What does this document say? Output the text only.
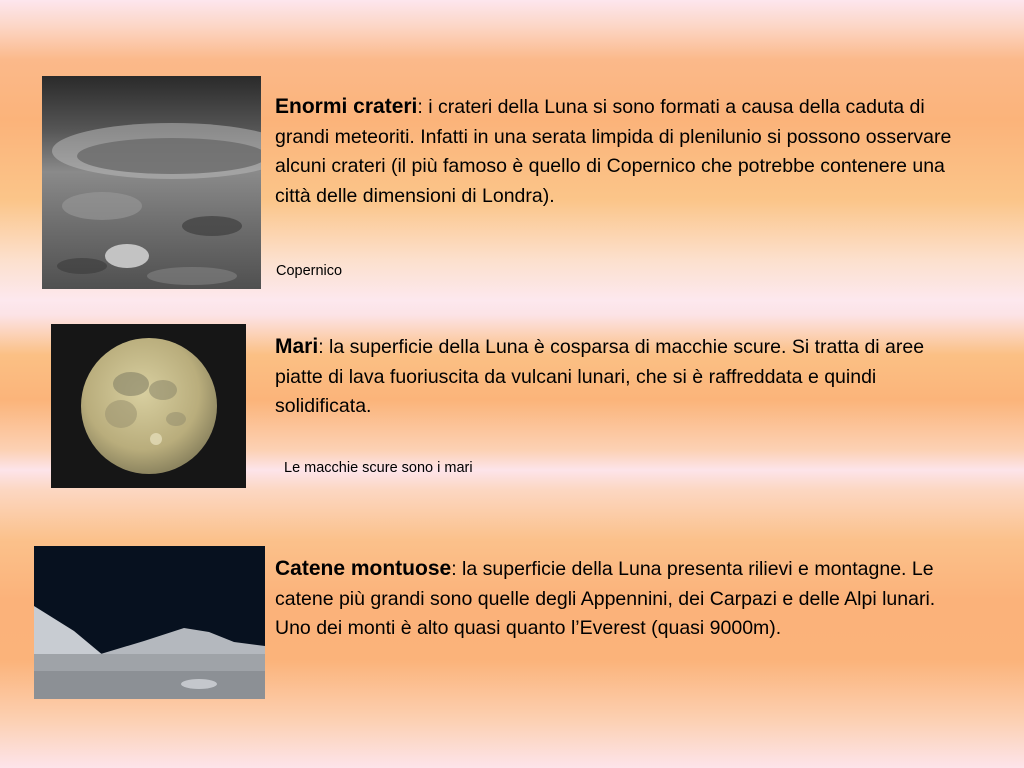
Enormi crateri: i crateri della Luna si sono formati a causa della caduta di grandi meteoriti. Infatti in una serata limpida di plenilunio si possono osservare alcuni crateri (il più famoso è quello di Copernico che potrebbe contenere una città delle dimensioni di Londra).

Copernico

Mari: la superficie della Luna è cosparsa di macchie scure. Si tratta di aree piatte di lava fuoriuscita da vulcani lunari, che si è raffreddata e quindi solidificata.

Le macchie scure sono i mari

Catene montuose: la superficie della Luna presenta rilievi e montagne. Le catene più grandi sono quelle degli Appennini, dei Carpazi e delle Alpi lunari. Uno dei monti è alto quasi quanto l’Everest (quasi 9000m).
